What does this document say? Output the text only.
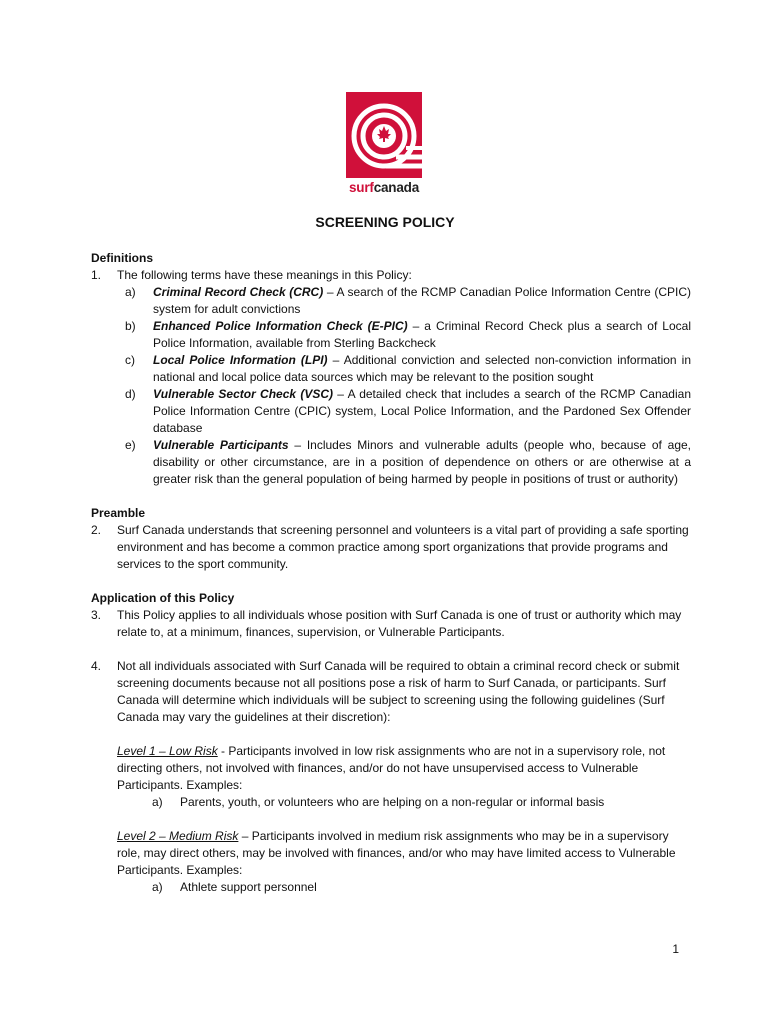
surfcanada
SCREENING POLICY

Definitions

1. The following terms have these meanings in this Policy:
a) Criminal Record Check (CRC) – A search of the RCMP Canadian Police Information Centre (CPIC) system for adult convictions
b) Enhanced Police Information Check (E-PIC) – a Criminal Record Check plus a search of Local Police Information, available from Sterling Backcheck
c) Local Police Information (LPI) – Additional conviction and selected non-conviction information in national and local police data sources which may be relevant to the position sought
d) Vulnerable Sector Check (VSC) – A detailed check that includes a search of the RCMP Canadian Police Information Centre (CPIC) system, Local Police Information, and the Pardoned Sex Offender database
e) Vulnerable Participants – Includes Minors and vulnerable adults (people who, because of age, disability or other circumstance, are in a position of dependence on others or are otherwise at a greater risk than the general population of being harmed by people in positions of trust or authority)

Preamble

2. Surf Canada understands that screening personnel and volunteers is a vital part of providing a safe sporting environment and has become a common practice among sport organizations that provide programs and services to the sport community.

Application of this Policy

3. This Policy applies to all individuals whose position with Surf Canada is one of trust or authority which may relate to, at a minimum, finances, supervision, or Vulnerable Participants.
4. Not all individuals associated with Surf Canada will be required to obtain a criminal record check or submit screening documents because not all positions pose a risk of harm to Surf Canada, or participants. Surf Canada will determine which individuals will be subject to screening using the following guidelines (Surf Canada may vary the guidelines at their discretion):
Level 1 – Low Risk - Participants involved in low risk assignments who are not in a supervisory role, not directing others, not involved with finances, and/or do not have unsupervised access to Vulnerable Participants. Examples:
a) Parents, youth, or volunteers who are helping on a non-regular or informal basis
Level 2 – Medium Risk – Participants involved in medium risk assignments who may be in a supervisory role, may direct others, may be involved with finances, and/or who may have limited access to Vulnerable Participants. Examples:
a) Athlete support personnel
1
